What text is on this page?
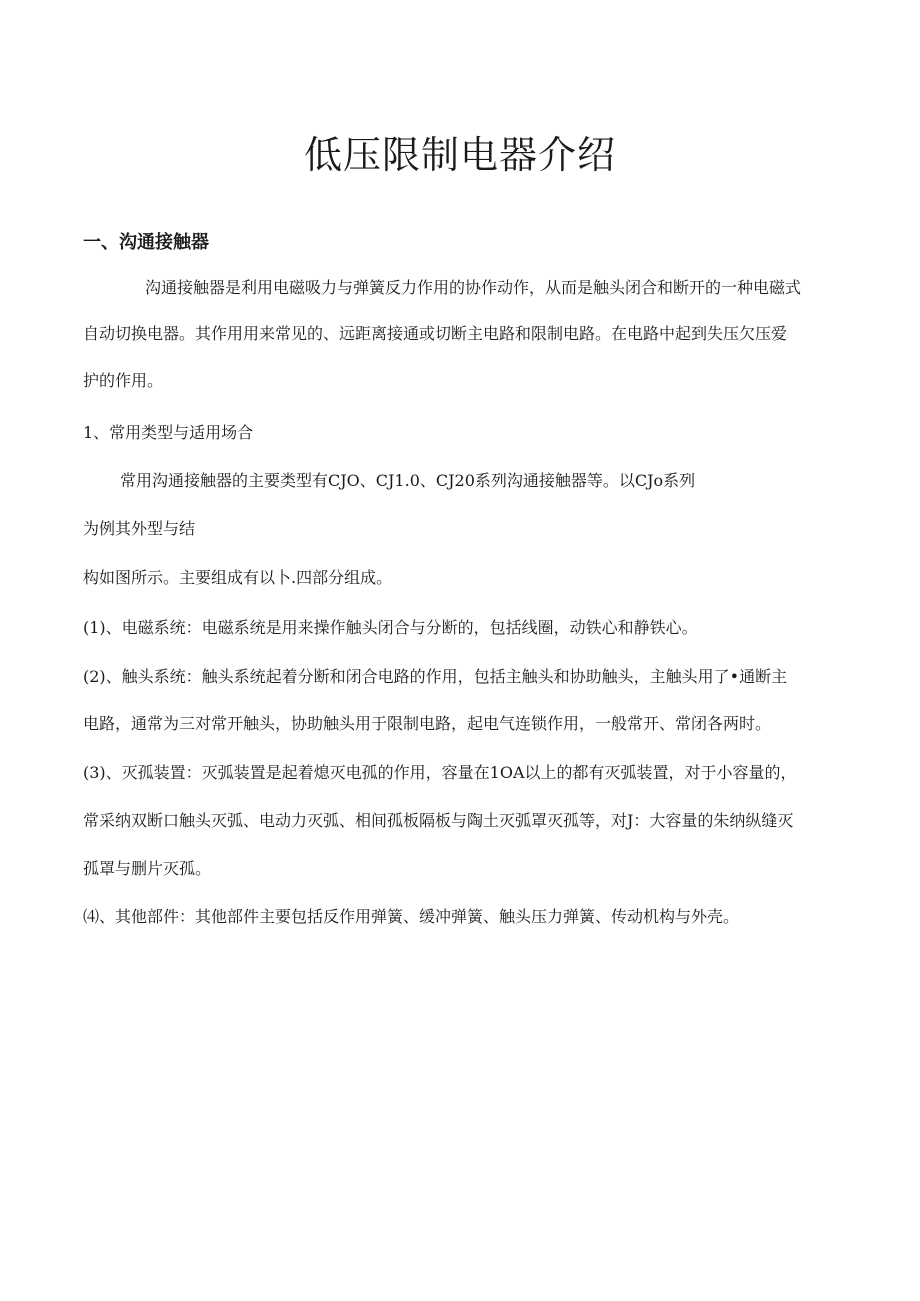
低压限制电器介绍
一、沟通接触器

沟通接触器是利用电磁吸力与弹簧反力作用的协作动作，从而是触头闭合和断开的一种电磁式

自动切换电器。其作用用来常见的、远距离接通或切断主电路和限制电路。在电路中起到失压欠压爱

护的作用。

1、常用类型与适用场合

常用沟通接触器的主要类型有CJO、CJ1.0、CJ20系列沟通接触器等。以CJo系列

为例其外型与结

构如图所示。主要组成有以卜.四部分组成。

(1)、电磁系统：电磁系统是用来操作触头闭合与分断的，包括线圈，动铁心和静铁心。

(2)、触头系统：触头系统起着分断和闭合电路的作用，包括主触头和协助触头，主触头用了•通断主

电路，通常为三对常开触头，协助触头用于限制电路，起电气连锁作用，一般常开、常闭各两时。

(3)、灭孤装置：灭弧装置是起着熄灭电孤的作用，容量在1OA以上的都有灭弧装置，对于小容量的，

常采纳双断口触头灭弧、电动力灭弧、相间孤板隔板与陶土灭弧罩灭孤等，对J：大容量的朱纳纵缝灭

孤罩与删片灭孤。

⑷、其他部件：其他部件主要包括反作用弹簧、缓冲弹簧、触头压力弹簧、传动机构与外壳。
